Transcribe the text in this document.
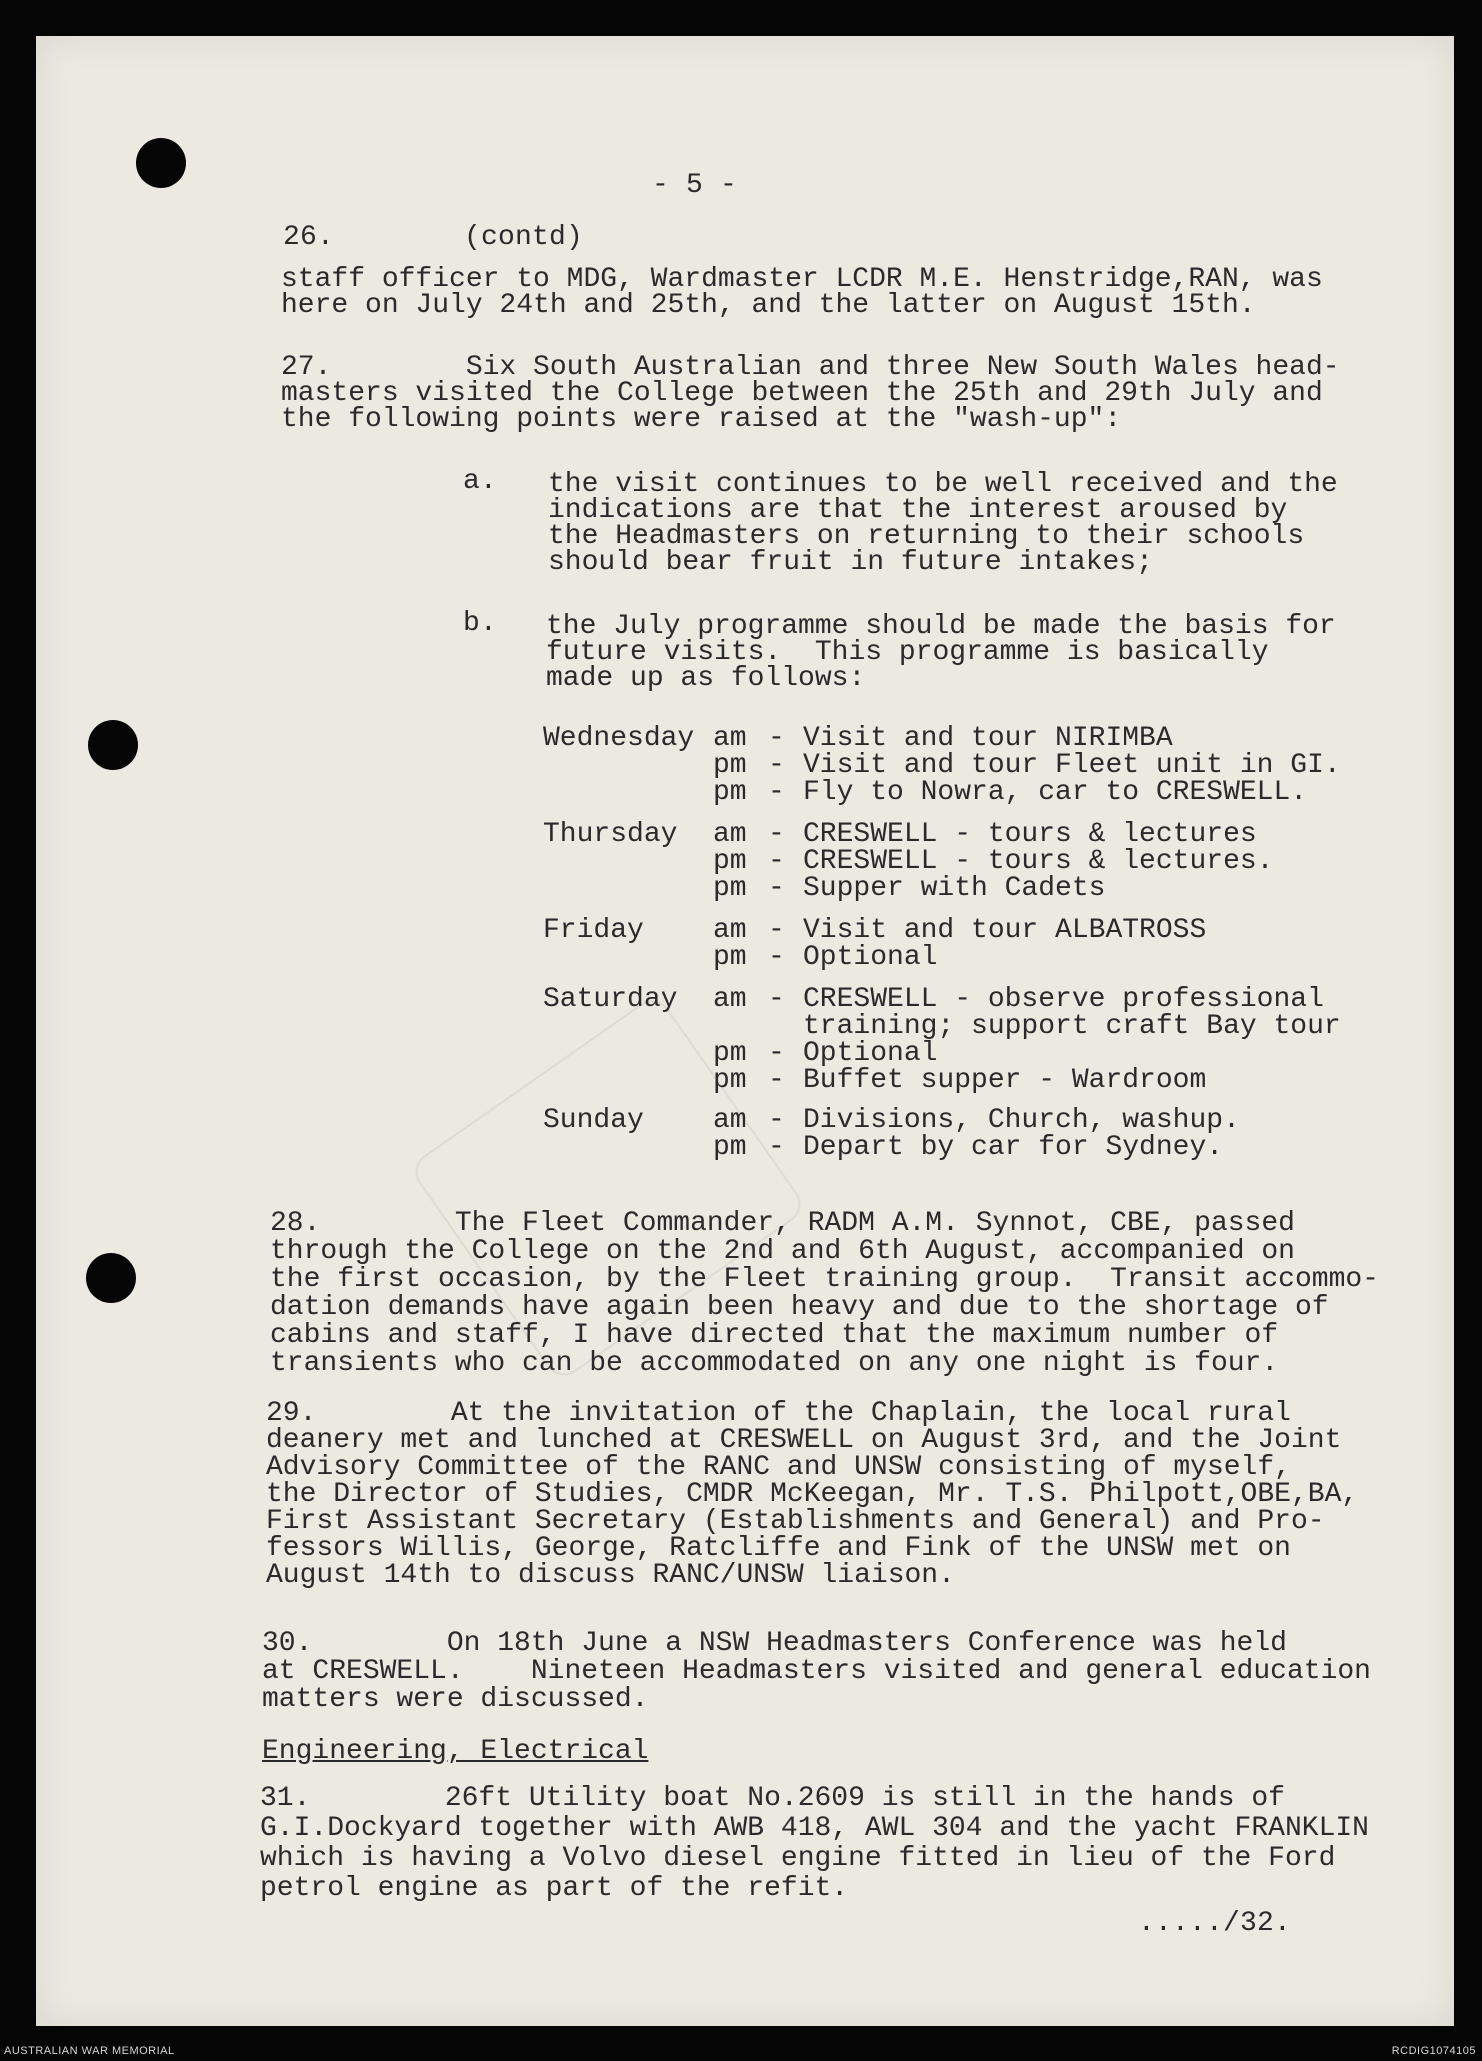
- 5 -
26.	(contd)
staff officer to MDG, Wardmaster LCDR M.E. Henstridge,RAN, was
here on July 24th and 25th, and the latter on August 15th.
27.        Six South Australian and three New South Wales head-
masters visited the College between the 25th and 29th July and
the following points were raised at the "wash-up":
a. the visit continues to be well received and the
indications are that the interest aroused by
the Headmasters on returning to their schools
should bear fruit in future intakes;
b. the July programme should be made the basis for
future visits.  This programme is basically
made up as follows:
Wednesday am - Visit and tour NIRIMBA
pm - Visit and tour Fleet unit in GI.
pm - Fly to Nowra, car to CRESWELL.
Thursday am - CRESWELL - tours & lectures
pm - CRESWELL - tours & lectures.
pm - Supper with Cadets
Friday am - Visit and tour ALBATROSS
pm - Optional
Saturday am - CRESWELL - observe professional
training; support craft Bay tour
pm - Optional
pm - Buffet supper - Wardroom
Sunday am - Divisions, Church, washup.
pm - Depart by car for Sydney.
28.        The Fleet Commander, RADM A.M. Synnot, CBE, passed
through the College on the 2nd and 6th August, accompanied on
the first occasion, by the Fleet training group.  Transit accommo-
dation demands have again been heavy and due to the shortage of
cabins and staff, I have directed that the maximum number of
transients who can be accommodated on any one night is four.
29.        At the invitation of the Chaplain, the local rural
deanery met and lunched at CRESWELL on August 3rd, and the Joint
Advisory Committee of the RANC and UNSW consisting of myself,
the Director of Studies, CMDR McKeegan, Mr. T.S. Philpott,OBE,BA,
First Assistant Secretary (Establishments and General) and Pro-
fessors Willis, George, Ratcliffe and Fink of the UNSW met on
August 14th to discuss RANC/UNSW liaison.
30.        On 18th June a NSW Headmasters Conference was held
at CRESWELL.    Nineteen Headmasters visited and general education
matters were discussed.
Engineering, Electrical
31.        26ft Utility boat No.2609 is still in the hands of
G.I.Dockyard together with AWB 418, AWL 304 and the yacht FRANKLIN
which is having a Volvo diesel engine fitted in lieu of the Ford
petrol engine as part of the refit.
...../32.
AUSTRALIAN WAR MEMORIAL	RCDIG1074105
